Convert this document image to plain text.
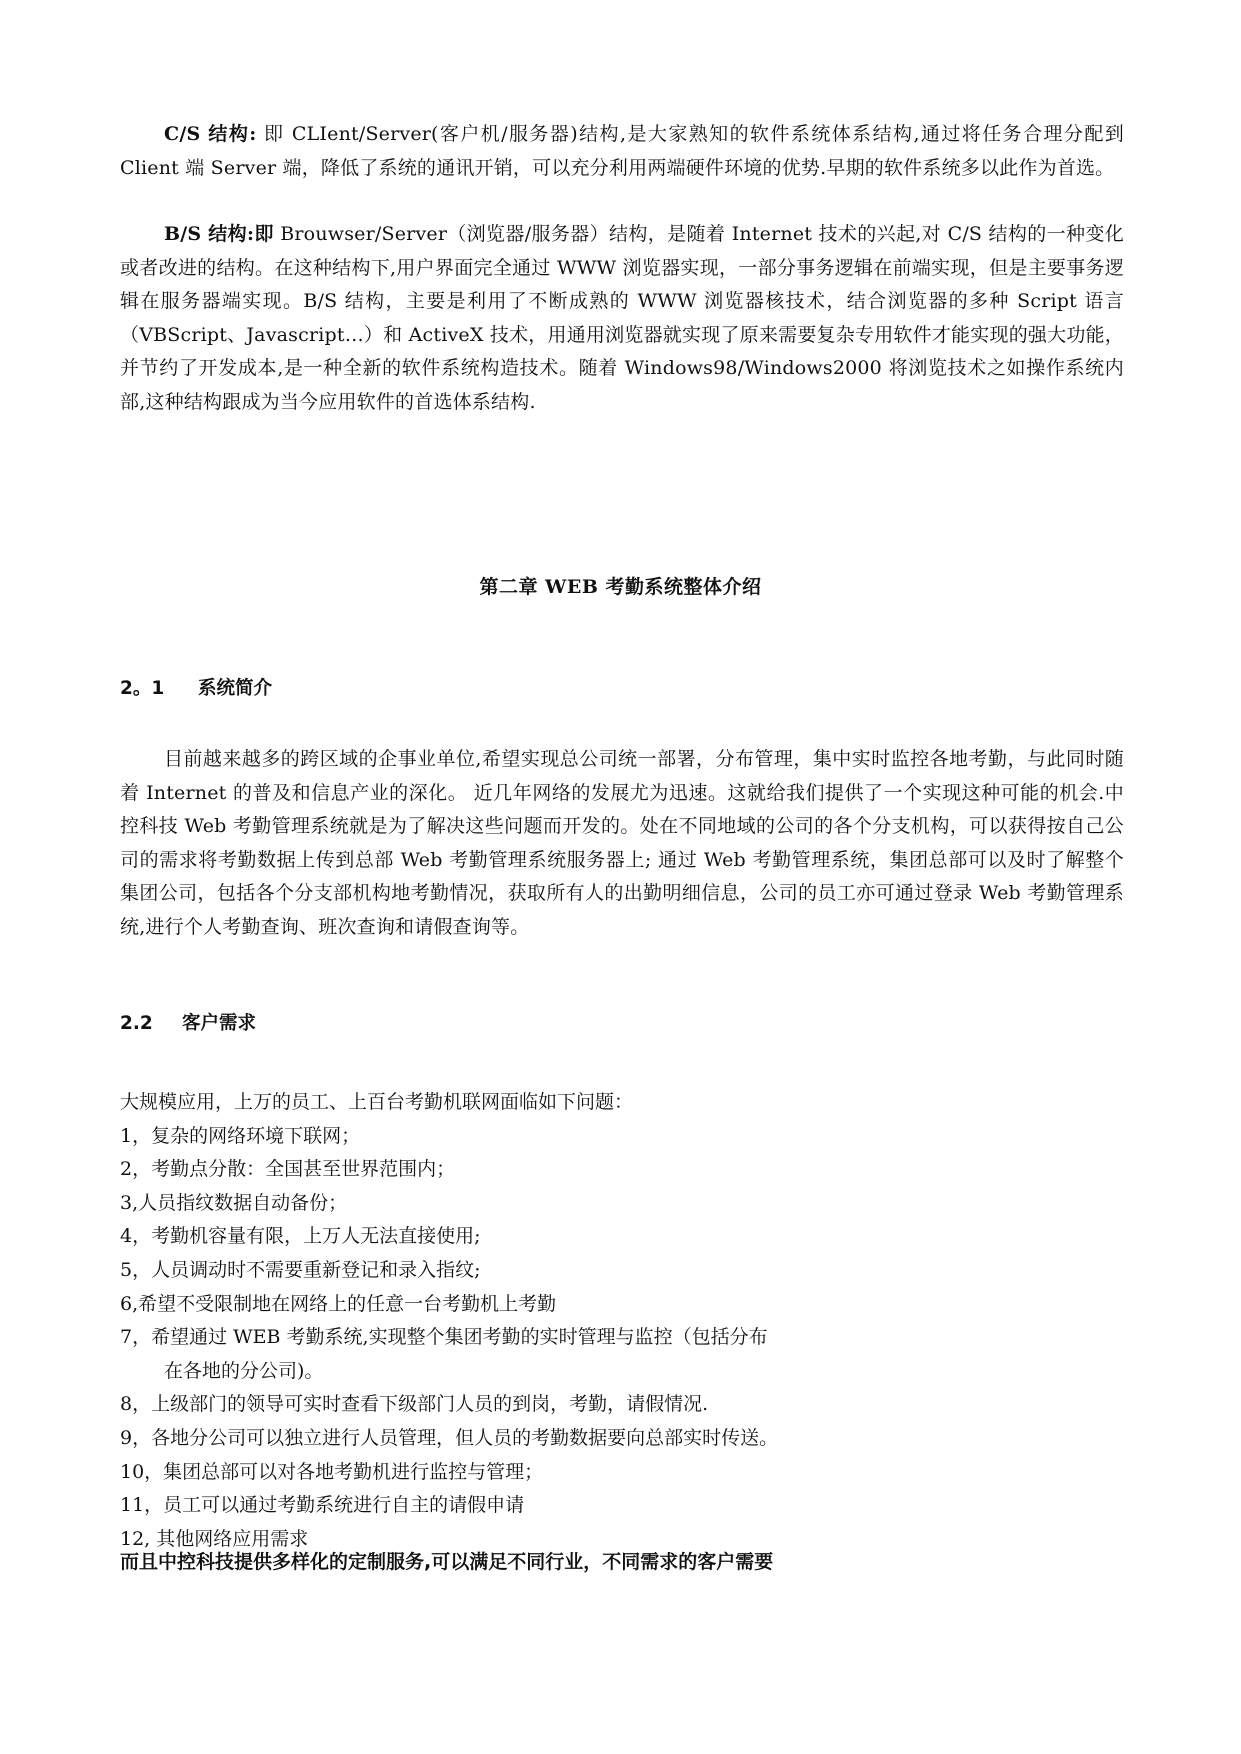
C/S 结构: 即 CLIent/Server(客户机/服务器)结构,是大家熟知的软件系统体系结构,通过将任务合理分配到 Client 端 Server 端，降低了系统的通讯开销，可以充分利用两端硬件环境的优势.早期的软件系统多以此作为首选。

B/S 结构:即 Brouwser/Server（浏览器/服务器）结构，是随着 Internet 技术的兴起,对 C/S 结构的一种变化或者改进的结构。在这种结构下,用户界面完全通过 WWW 浏览器实现，一部分事务逻辑在前端实现，但是主要事务逻辑在服务器端实现。B/S 结构，主要是利用了不断成熟的 WWW 浏览器核技术，结合浏览器的多种 Script 语言（VBScript、Javascript…）和 ActiveX 技术，用通用浏览器就实现了原来需要复杂专用软件才能实现的强大功能，并节约了开发成本,是一种全新的软件系统构造技术。随着 Windows98/Windows2000 将浏览技术之如操作系统内部,这种结构跟成为当今应用软件的首选体系结构.

第二章 WEB 考勤系统整体介绍
2。1 系统简介

目前越来越多的跨区域的企事业单位,希望实现总公司统一部署，分布管理，集中实时监控各地考勤，与此同时随着 Internet 的普及和信息产业的深化。 近几年网络的发展尤为迅速。这就给我们提供了一个实现这种可能的机会.中控科技 Web 考勤管理系统就是为了解决这些问题而开发的。处在不同地域的公司的各个分支机构，可以获得按自己公司的需求将考勤数据上传到总部 Web 考勤管理系统服务器上; 通过 Web 考勤管理系统，集团总部可以及时了解整个集团公司，包括各个分支部机构地考勤情况，获取所有人的出勤明细信息，公司的员工亦可通过登录 Web 考勤管理系统,进行个人考勤查询、班次查询和请假查询等。

2.2 客户需求
大规模应用，上万的员工、上百台考勤机联网面临如下问题：
1，复杂的网络环境下联网；
2，考勤点分散：全国甚至世界范围内；
3,人员指纹数据自动备份；
4，考勤机容量有限，上万人无法直接使用;
5，人员调动时不需要重新登记和录入指纹;
6,希望不受限制地在网络上的任意一台考勤机上考勤
7，希望通过 WEB 考勤系统,实现整个集团考勤的实时管理与监控（包括分布
在各地的分公司)。
8，上级部门的领导可实时查看下级部门人员的到岗，考勤，请假情况.
9，各地分公司可以独立进行人员管理，但人员的考勤数据要向总部实时传送。
10，集团总部可以对各地考勤机进行监控与管理；
11，员工可以通过考勤系统进行自主的请假申请
12, 其他网络应用需求
而且中控科技提供多样化的定制服务,可以满足不同行业，不同需求的客户需要
